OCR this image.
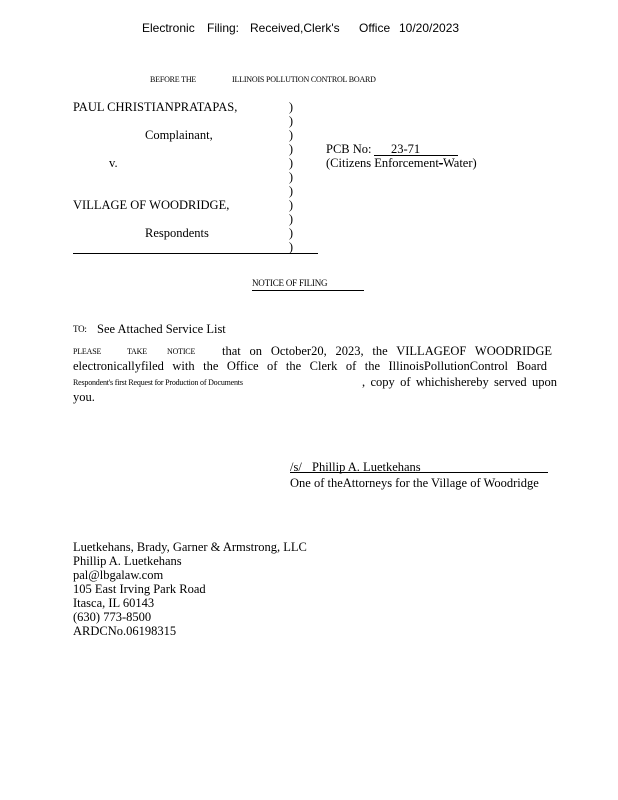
Electronic Filing: Received,Clerk's Office 10/20/2023
BEFORE THE	ILLINOIS POLLUTION CONTROL BOARD
PAUL CHRISTIANPRATAPAS,
Complainant,
v.
VILLAGE OF WOODRIDGE,
Respondents
)
)
)
)
)
)
)
)
)
)
)
PCB No: 23-71
(Citizens Enforcement-Water)
NOTICE OF FILING
TO: See Attached Service List
PLEASE	TAKE	NOTICE that on October20, 2023, the VILLAGEOF WOODRIDGE
electronicallyfiled with the Office of the Clerk of the IllinoisPollutionControl Board
Respondent's first Request for Production of Documents	, copy of whichishereby served upon
you.
/s/ Phillip A. Luetkehans
One of theAttorneys for the Village of Woodridge
Luetkehans, Brady, Garner & Armstrong, LLC
Phillip A. Luetkehans
pal@lbgalaw.com
105 East Irving Park Road
Itasca, IL 60143
(630) 773-8500
ARDCNo.06198315
